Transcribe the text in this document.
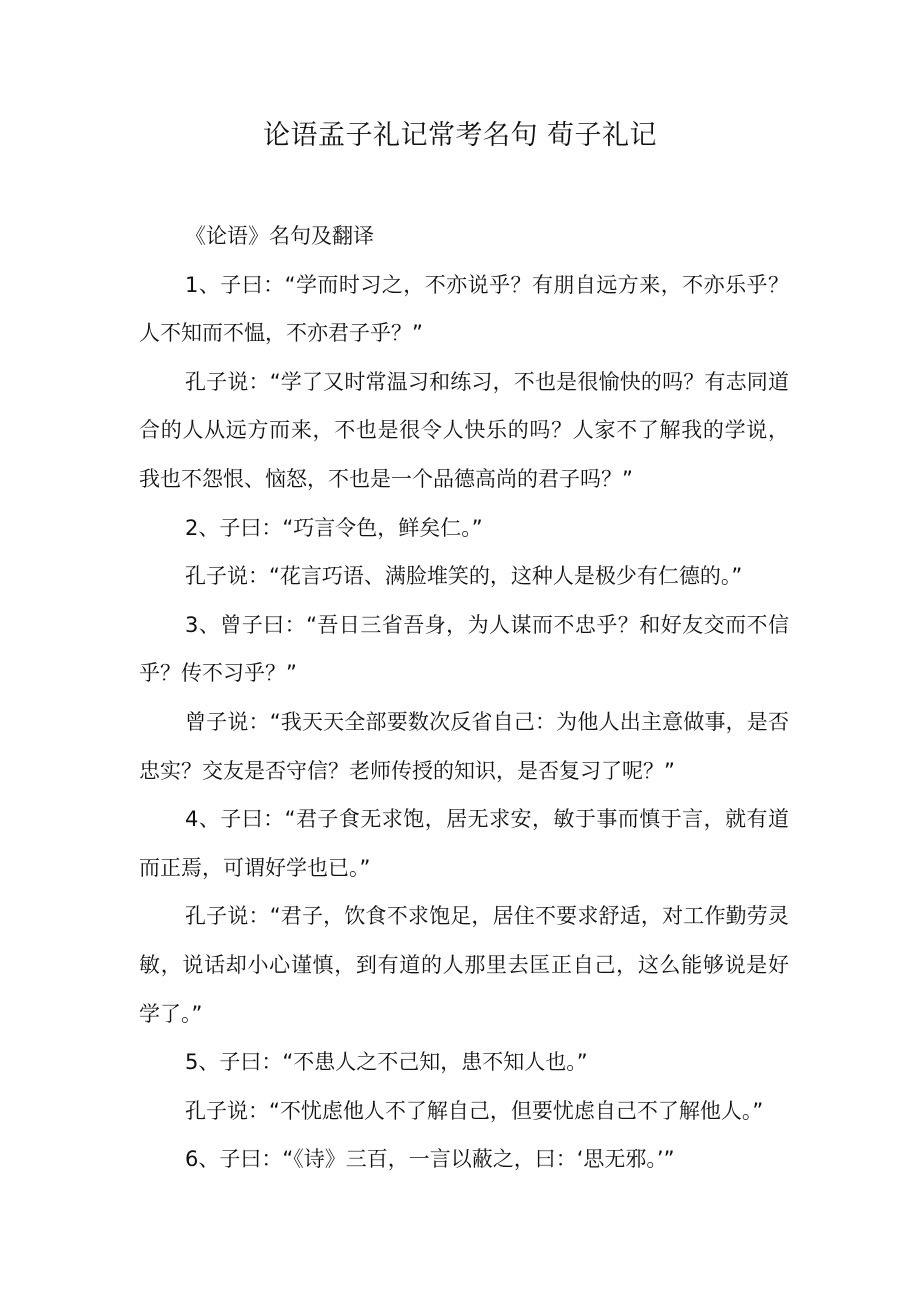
论语孟子礼记常考名句 荀子礼记

《论语》名句及翻译

1、子曰：“学而时习之，不亦说乎？有朋自远方来，不亦乐乎？人不知而不愠，不亦君子乎？”

孔子说：“学了又时常温习和练习，不也是很愉快的吗？有志同道合的人从远方而来，不也是很令人快乐的吗？人家不了解我的学说，我也不怨恨、恼怒，不也是一个品德高尚的君子吗？”

2、子曰：“巧言令色，鲜矣仁。”

孔子说：“花言巧语、满脸堆笑的，这种人是极少有仁德的。”

3、曾子曰：“吾日三省吾身，为人谋而不忠乎？和好友交而不信乎？传不习乎？”

曾子说：“我天天全部要数次反省自己：为他人出主意做事，是否忠实？交友是否守信？老师传授的知识，是否复习了呢？”

4、子曰：“君子食无求饱，居无求安，敏于事而慎于言，就有道而正焉，可谓好学也已。”

孔子说：“君子，饮食不求饱足，居住不要求舒适，对工作勤劳灵敏，说话却小心谨慎，到有道的人那里去匡正自己，这么能够说是好学了。”

5、子曰：“不患人之不己知，患不知人也。”

孔子说：“不忧虑他人不了解自己，但要忧虑自己不了解他人。”

6、子曰：“《诗》三百，一言以蔽之，曰：‘思无邪。’”
